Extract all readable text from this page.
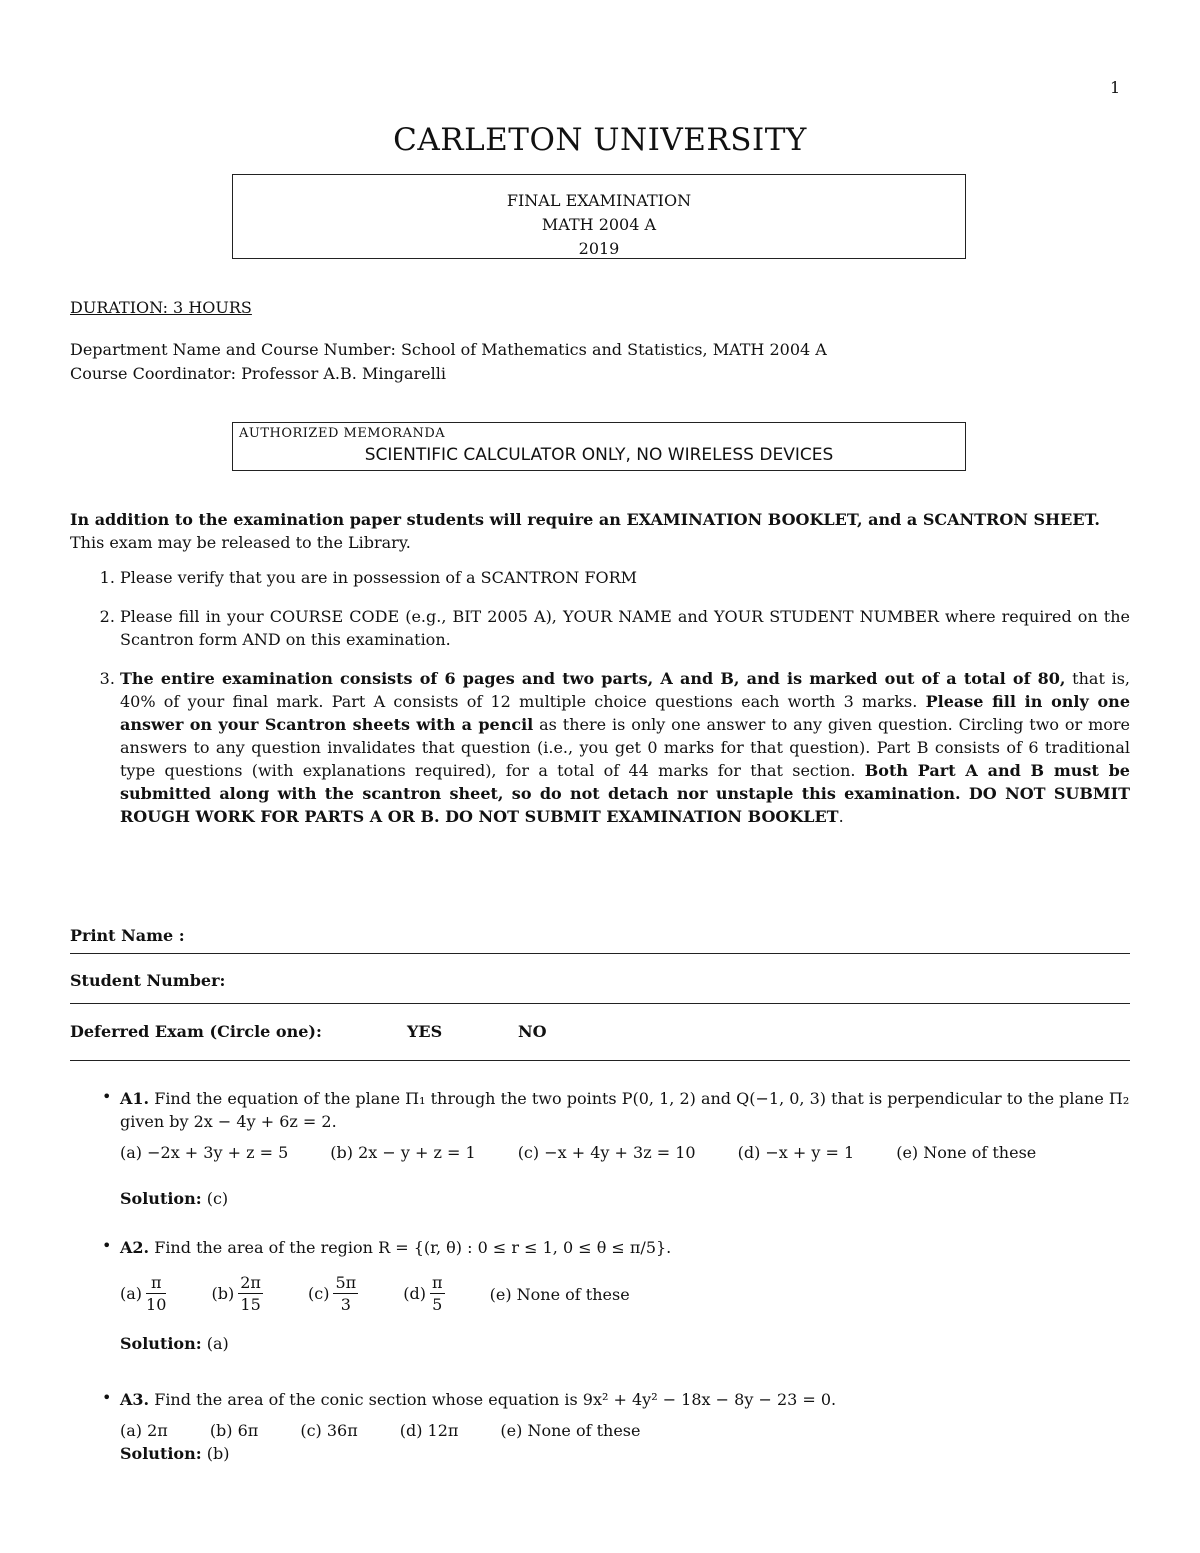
1
CARLETON UNIVERSITY
FINAL EXAMINATION
MATH 2004 A
2019
DURATION: 3 HOURS
Department Name and Course Number: School of Mathematics and Statistics, MATH 2004 A
Course Coordinator: Professor A.B. Mingarelli
AUTHORIZED MEMORANDA
SCIENTIFIC CALCULATOR ONLY, NO WIRELESS DEVICES
In addition to the examination paper students will require an EXAMINATION BOOKLET, and a SCANTRON SHEET. This exam may be released to the Library.
1. Please verify that you are in possession of a SCANTRON FORM
2. Please fill in your COURSE CODE (e.g., BIT 2005 A), YOUR NAME and YOUR STUDENT NUMBER where required on the Scantron form AND on this examination.
3. The entire examination consists of 6 pages and two parts, A and B, and is marked out of a total of 80, that is, 40% of your final mark. Part A consists of 12 multiple choice questions each worth 3 marks. Please fill in only one answer on your Scantron sheets with a pencil as there is only one answer to any given question. Circling two or more answers to any question invalidates that question (i.e., you get 0 marks for that question). Part B consists of 6 traditional type questions (with explanations required), for a total of 44 marks for that section. Both Part A and B must be submitted along with the scantron sheet, so do not detach nor unstaple this examination. DO NOT SUBMIT ROUGH WORK FOR PARTS A OR B. DO NOT SUBMIT EXAMINATION BOOKLET.
Print Name :
Student Number:
Deferred Exam (Circle one):	YES	NO
• A1. Find the equation of the plane Π₁ through the two points P(0, 1, 2) and Q(−1, 0, 3) that is perpendicular to the plane Π₂ given by 2x − 4y + 6z = 2.
(a) −2x + 3y + z = 5	(b) 2x − y + z = 1	(c) −x + 4y + 3z = 10	(d) −x + y = 1	(e) None of these
Solution: (c)
• A2. Find the area of the region R = {(r, θ) : 0 ≤ r ≤ 1, 0 ≤ θ ≤ π/5}.
$(a) \frac{\pi}{10}$	$(b) \frac{2\pi}{15}$	$(c) \frac{5\pi}{3}$	$(d) \frac{\pi}{5}$	(e) None of these
Solution: (a)
• A3. Find the area of the conic section whose equation is 9x² + 4y² − 18x − 8y − 23 = 0.
(a) 2π	(b) 6π	(c) 36π	(d) 12π	(e) None of these
Solution: (b)
